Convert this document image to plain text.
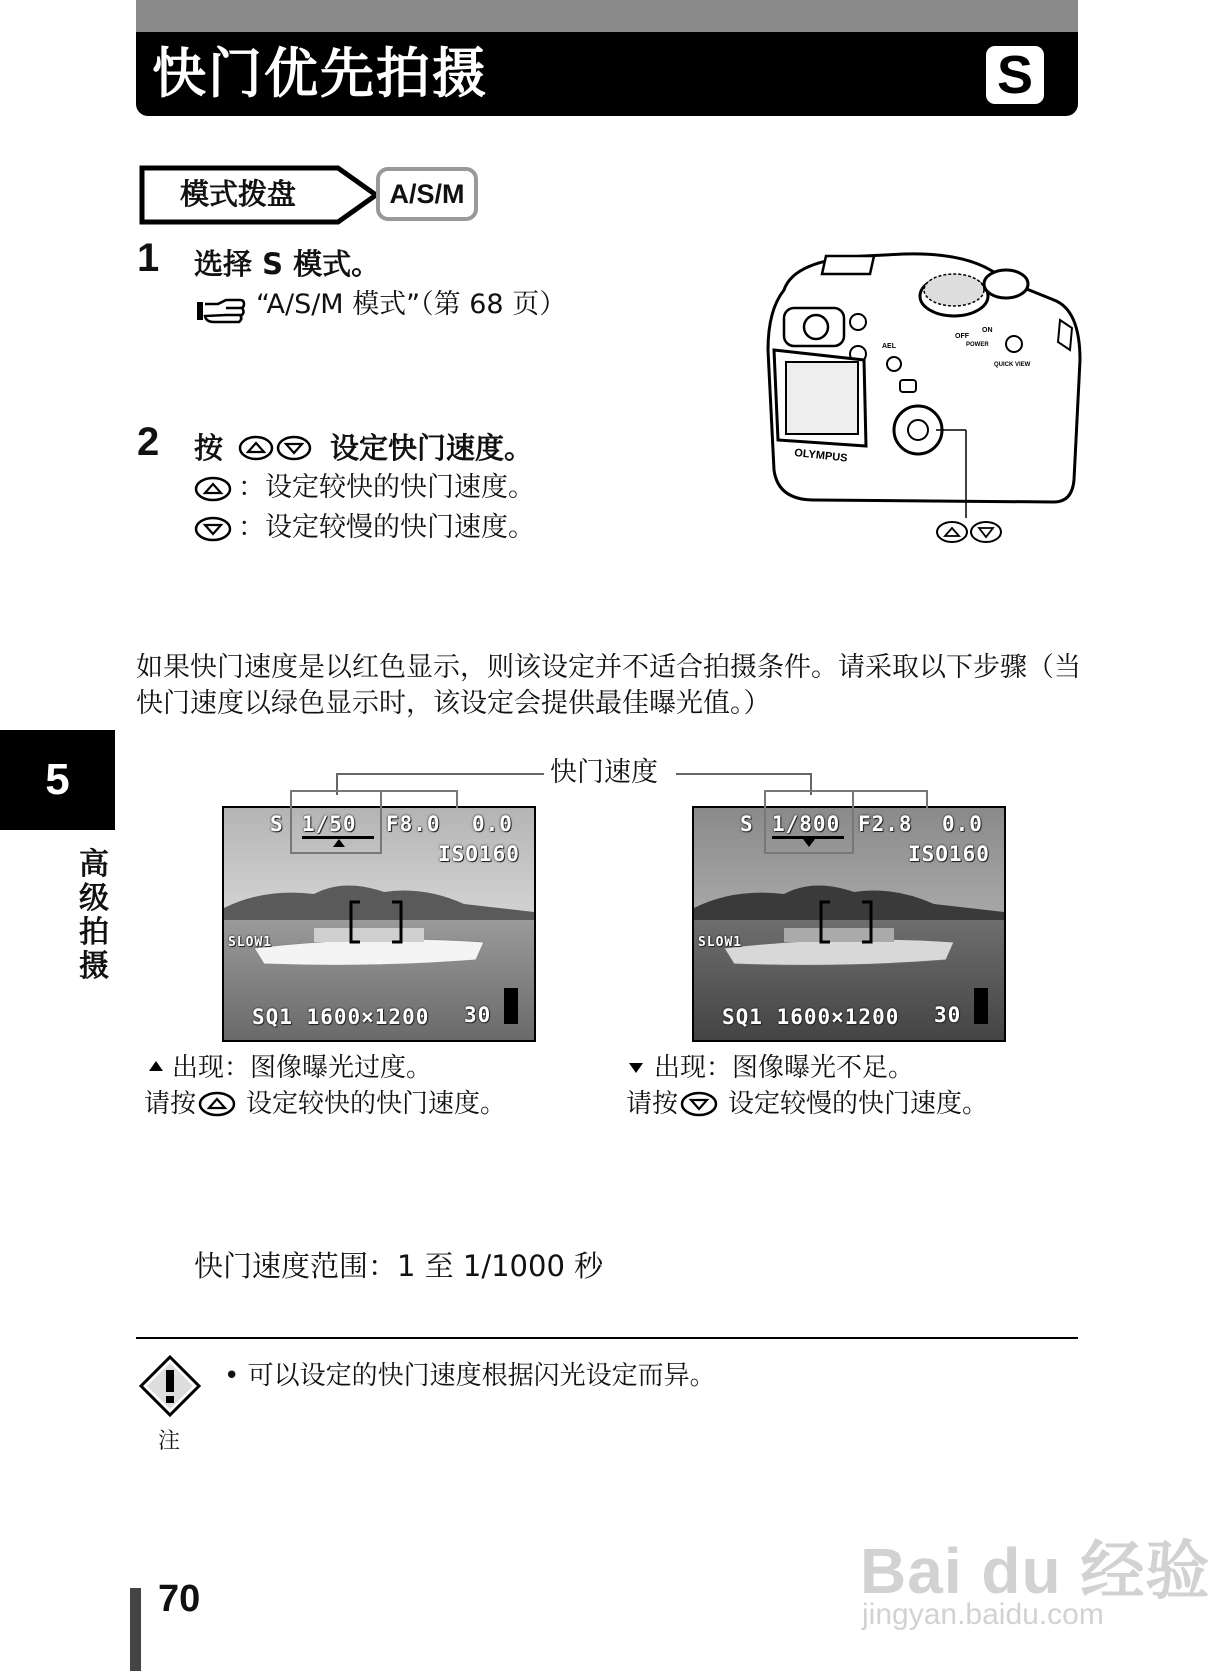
快门优先拍摄	S
模式拨盘	A/S/M
1 选择 S 模式。
“A/S/M 模式”（第 68 页）
2 按	设定快门速度。
：设定较快的快门速度。
：设定较慢的快门速度。
OFF
ON
POWER
QUICK VIEW
AEL
OLYMPUS
如果快门速度是以红色显示，则该设定并不适合拍摄条件。请采取以下步骤（当快门速度以绿色显示时，该设定会提供最佳曝光值。）
5
高级拍摄
快门速度
S 1/50 F8.0 0.0
ISO160
SLOW1
SQ1 1600×1200 30
S 1/800 F2.8 0.0
ISO160
SLOW1
SQ1 1600×1200 30
出现：图像曝光过度。
请按 设定较快的快门速度。
出现：图像曝光不足。
请按 设定较慢的快门速度。
快门速度范围：1 至 1/1000 秒
注
• 可以设定的快门速度根据闪光设定而异。
70	Bai du 经验
jingyan.baidu.com
